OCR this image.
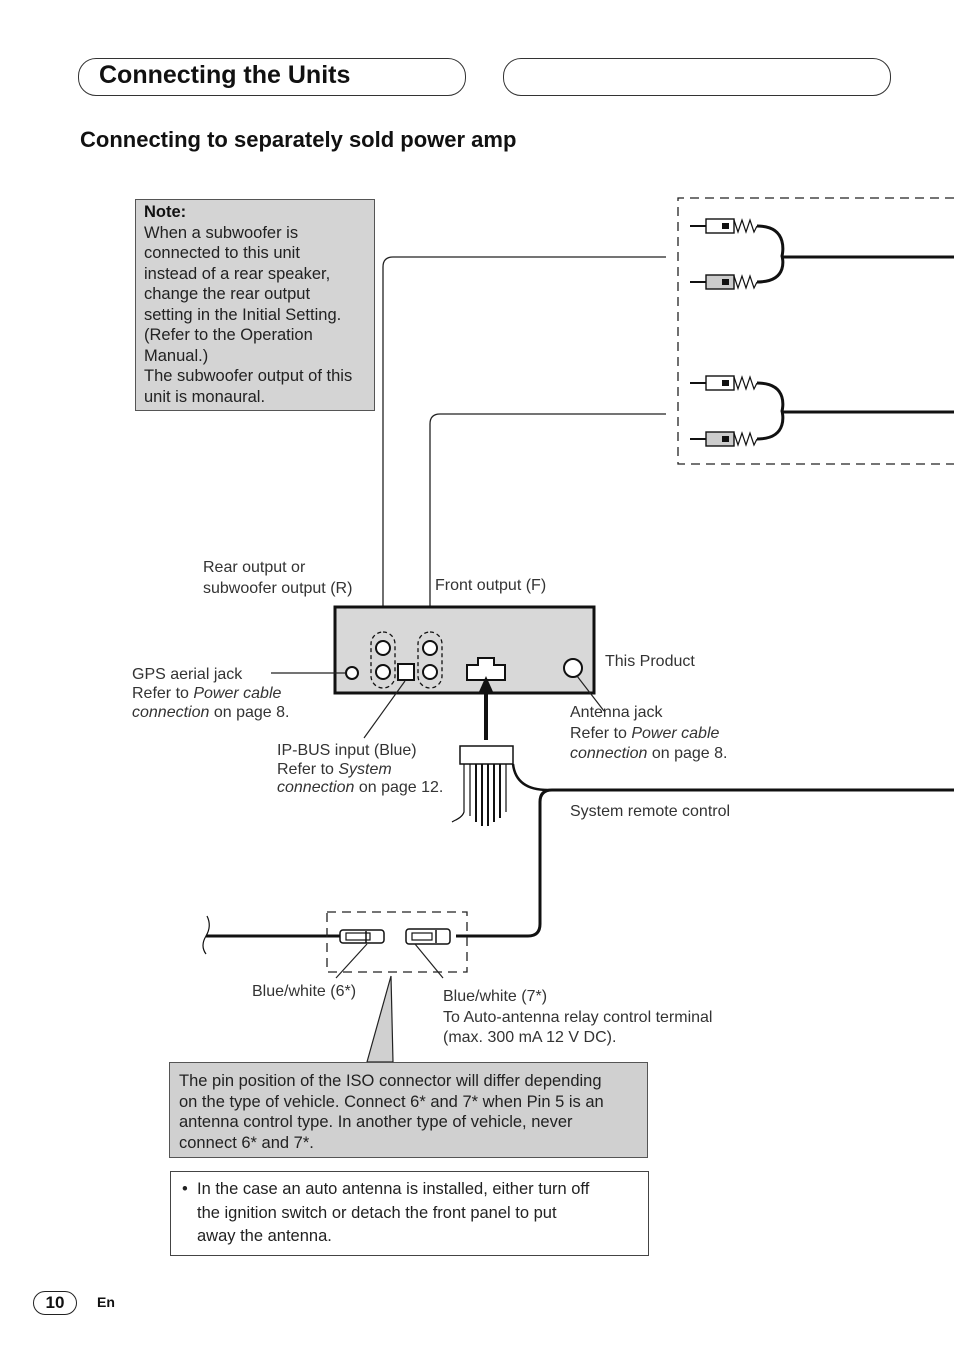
Connecting the Units
Connecting to separately sold power amp
Note:
When a subwoofer is
connected to this unit
instead of a rear speaker,
change the rear output
setting in the Initial Setting.
(Refer to the Operation
Manual.)
The subwoofer output of this
unit is monaural.
Rear output or
subwoofer output (R)	Front output (F)
This Product
GPS aerial jack
Refer to Power cable
connection on page 8.	Antenna jack
Refer to Power cable
connection on page 8.
IP-BUS input (Blue)
Refer to System
connection on page 12.
System remote control
Blue/white (6*)	Blue/white (7*)
To Auto-antenna relay control terminal
(max. 300 mA 12 V DC).
The pin position of the ISO connector will differ depending
on the type of vehicle. Connect 6* and 7* when Pin 5 is an
antenna control type. In another type of vehicle, never
connect 6* and 7*.
• In the case an auto antenna is installed, either turn off
the ignition switch or detach the front panel to put
away the antenna.
10	En
